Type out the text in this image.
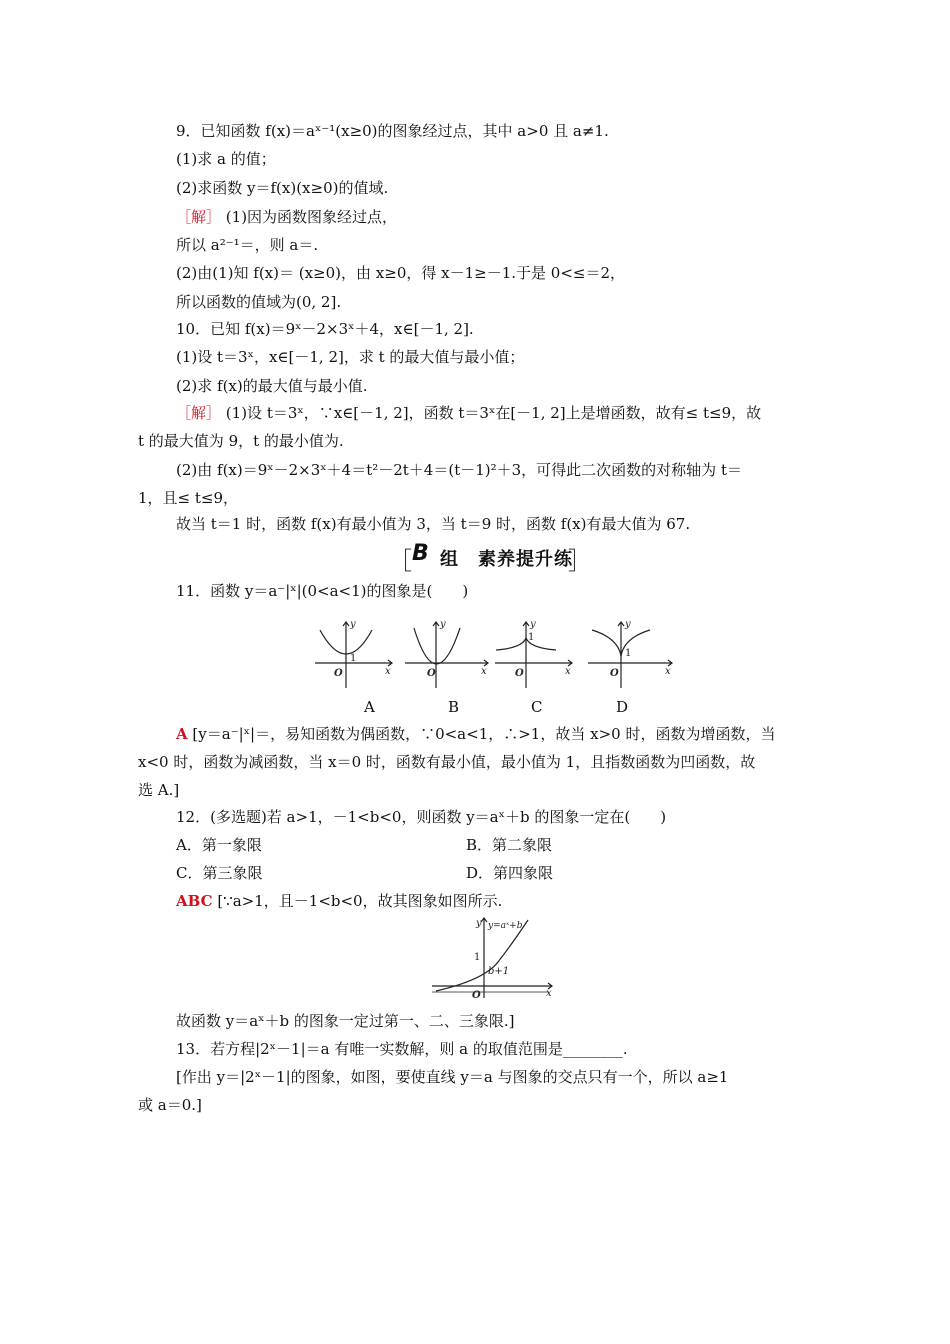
9．已知函数 f(x)＝aˣ⁻¹(x≥0)的图象经过点，其中 a>0 且 a≠1.
(1)求 a 的值；
(2)求函数 y＝f(x)(x≥0)的值域.
［解］ (1)因为函数图象经过点，
所以 a²⁻¹＝，则 a＝.
(2)由(1)知 f(x)＝ (x≥0)，由 x≥0，得 x－1≥－1.于是 0<≤＝2，
所以函数的值域为(0, 2].
10．已知 f(x)＝9ˣ－2×3ˣ＋4，x∈[－1, 2].
(1)设 t＝3ˣ，x∈[－1, 2]，求 t 的最大值与最小值；
(2)求 f(x)的最大值与最小值.
［解］ (1)设 t＝3ˣ，∵x∈[－1, 2]，函数 t＝3ˣ在[－1, 2]上是增函数，故有≤ t≤9，故
t 的最大值为 9，t 的最小值为.
(2)由 f(x)＝9ˣ－2×3ˣ＋4＝t²－2t＋4＝(t－1)²＋3，可得此二次函数的对称轴为 t＝
1，且≤ t≤9，
故当 t＝1 时，函数 f(x)有最小值为 3，当 t＝9 时，函数 f(x)有最大值为 67.
［ B 组　素养提升练
］
11．函数 y＝a⁻|ˣ|(0<a<1)的图象是(　　)
y
x
O
1
y
x
O
y
x
O
1
y
x
O
1
A	B	C	D
A [y＝a⁻|ˣ|＝，易知函数为偶函数，∵0<a<1，∴>1，故当 x>0 时，函数为增函数，当
x<0 时，函数为减函数，当 x＝0 时，函数有最小值，最小值为 1，且指数函数为凹函数，故
选 A.]
12．(多选题)若 a>1，－1<b<0，则函数 y＝aˣ＋b 的图象一定在(　　)
A．第一象限	B．第二象限
C．第三象限	D．第四象限
ABC [∵a>1，且－1<b<0，故其图象如图所示.
y y=aˣ+b
1
b+1
O	x
故函数 y＝aˣ＋b 的图象一定过第一、二、三象限.]
13．若方程|2ˣ－1|＝a 有唯一实数解，则 a 的取值范围是________.
[作出 y＝|2ˣ－1|的图象，如图，要使直线 y＝a 与图象的交点只有一个，所以 a≥1
或 a＝0.]
